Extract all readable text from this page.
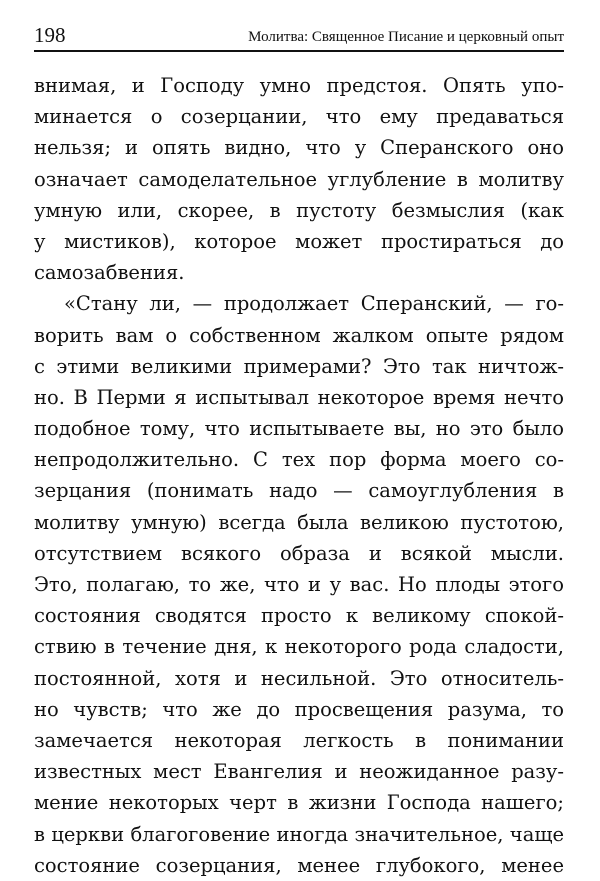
198	Молитва: Священное Писание и церковный опыт
внимая, и Господу умно предстоя. Опять упо-
минается о созерцании, что ему предаваться
нельзя; и опять видно, что у Сперанского оно
означает самоделательное углубление в молитву
умную или, скорее, в пустоту безмыслия (как
у мистиков), которое может простираться до
самозабвения.
«Стану ли, — продолжает Сперанский, — го-
ворить вам о собственном жалком опыте рядом
с этими великими примерами? Это так ничтож-
но. В Перми я испытывал некоторое время нечто
подобное тому, что испытываете вы, но это было
непродолжительно. С тех пор форма моего со-
зерцания (понимать надо — самоуглубления в
молитву умную) всегда была великою пустотою,
отсутствием всякого образа и всякой мысли.
Это, полагаю, то же, что и у вас. Но плоды этого
состояния сводятся просто к великому спокой-
ствию в течение дня, к некоторого рода сладости,
постоянной, хотя и несильной. Это относитель-
но чувств; что же до просвещения разума, то
замечается некоторая легкость в понимании
известных мест Евангелия и неожиданное разу-
мение некоторых черт в жизни Господа нашего;
в церкви благоговение иногда значительное, чаще
состояние созерцания, менее глубокого, менее
